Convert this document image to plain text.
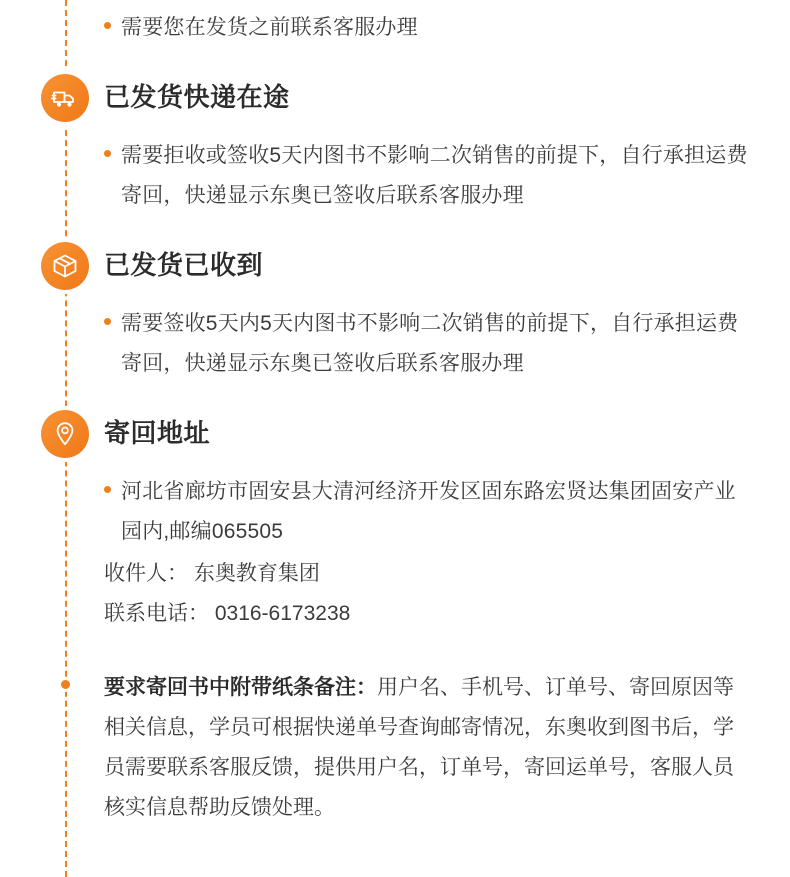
需要您在发货之前联系客服办理
已发货快递在途
需要拒收或签收5天内图书不影响二次销售的前提下，自行承担运费寄回，快递显示东奥已签收后联系客服办理
已发货已收到
需要签收5天内5天内图书不影响二次销售的前提下，自行承担运费寄回，快递显示东奥已签收后联系客服办理
寄回地址
河北省廊坊市固安县大清河经济开发区固东路宏贤达集团固安产业园内,邮编065505
收件人： 东奥教育集团
联系电话： 0316-6173238
要求寄回书中附带纸条备注：用户名、手机号、订单号、寄回原因等相关信息，学员可根据快递单号查询邮寄情况，东奥收到图书后，学员需要联系客服反馈，提供用户名，订单号，寄回运单号，客服人员核实信息帮助反馈处理。
